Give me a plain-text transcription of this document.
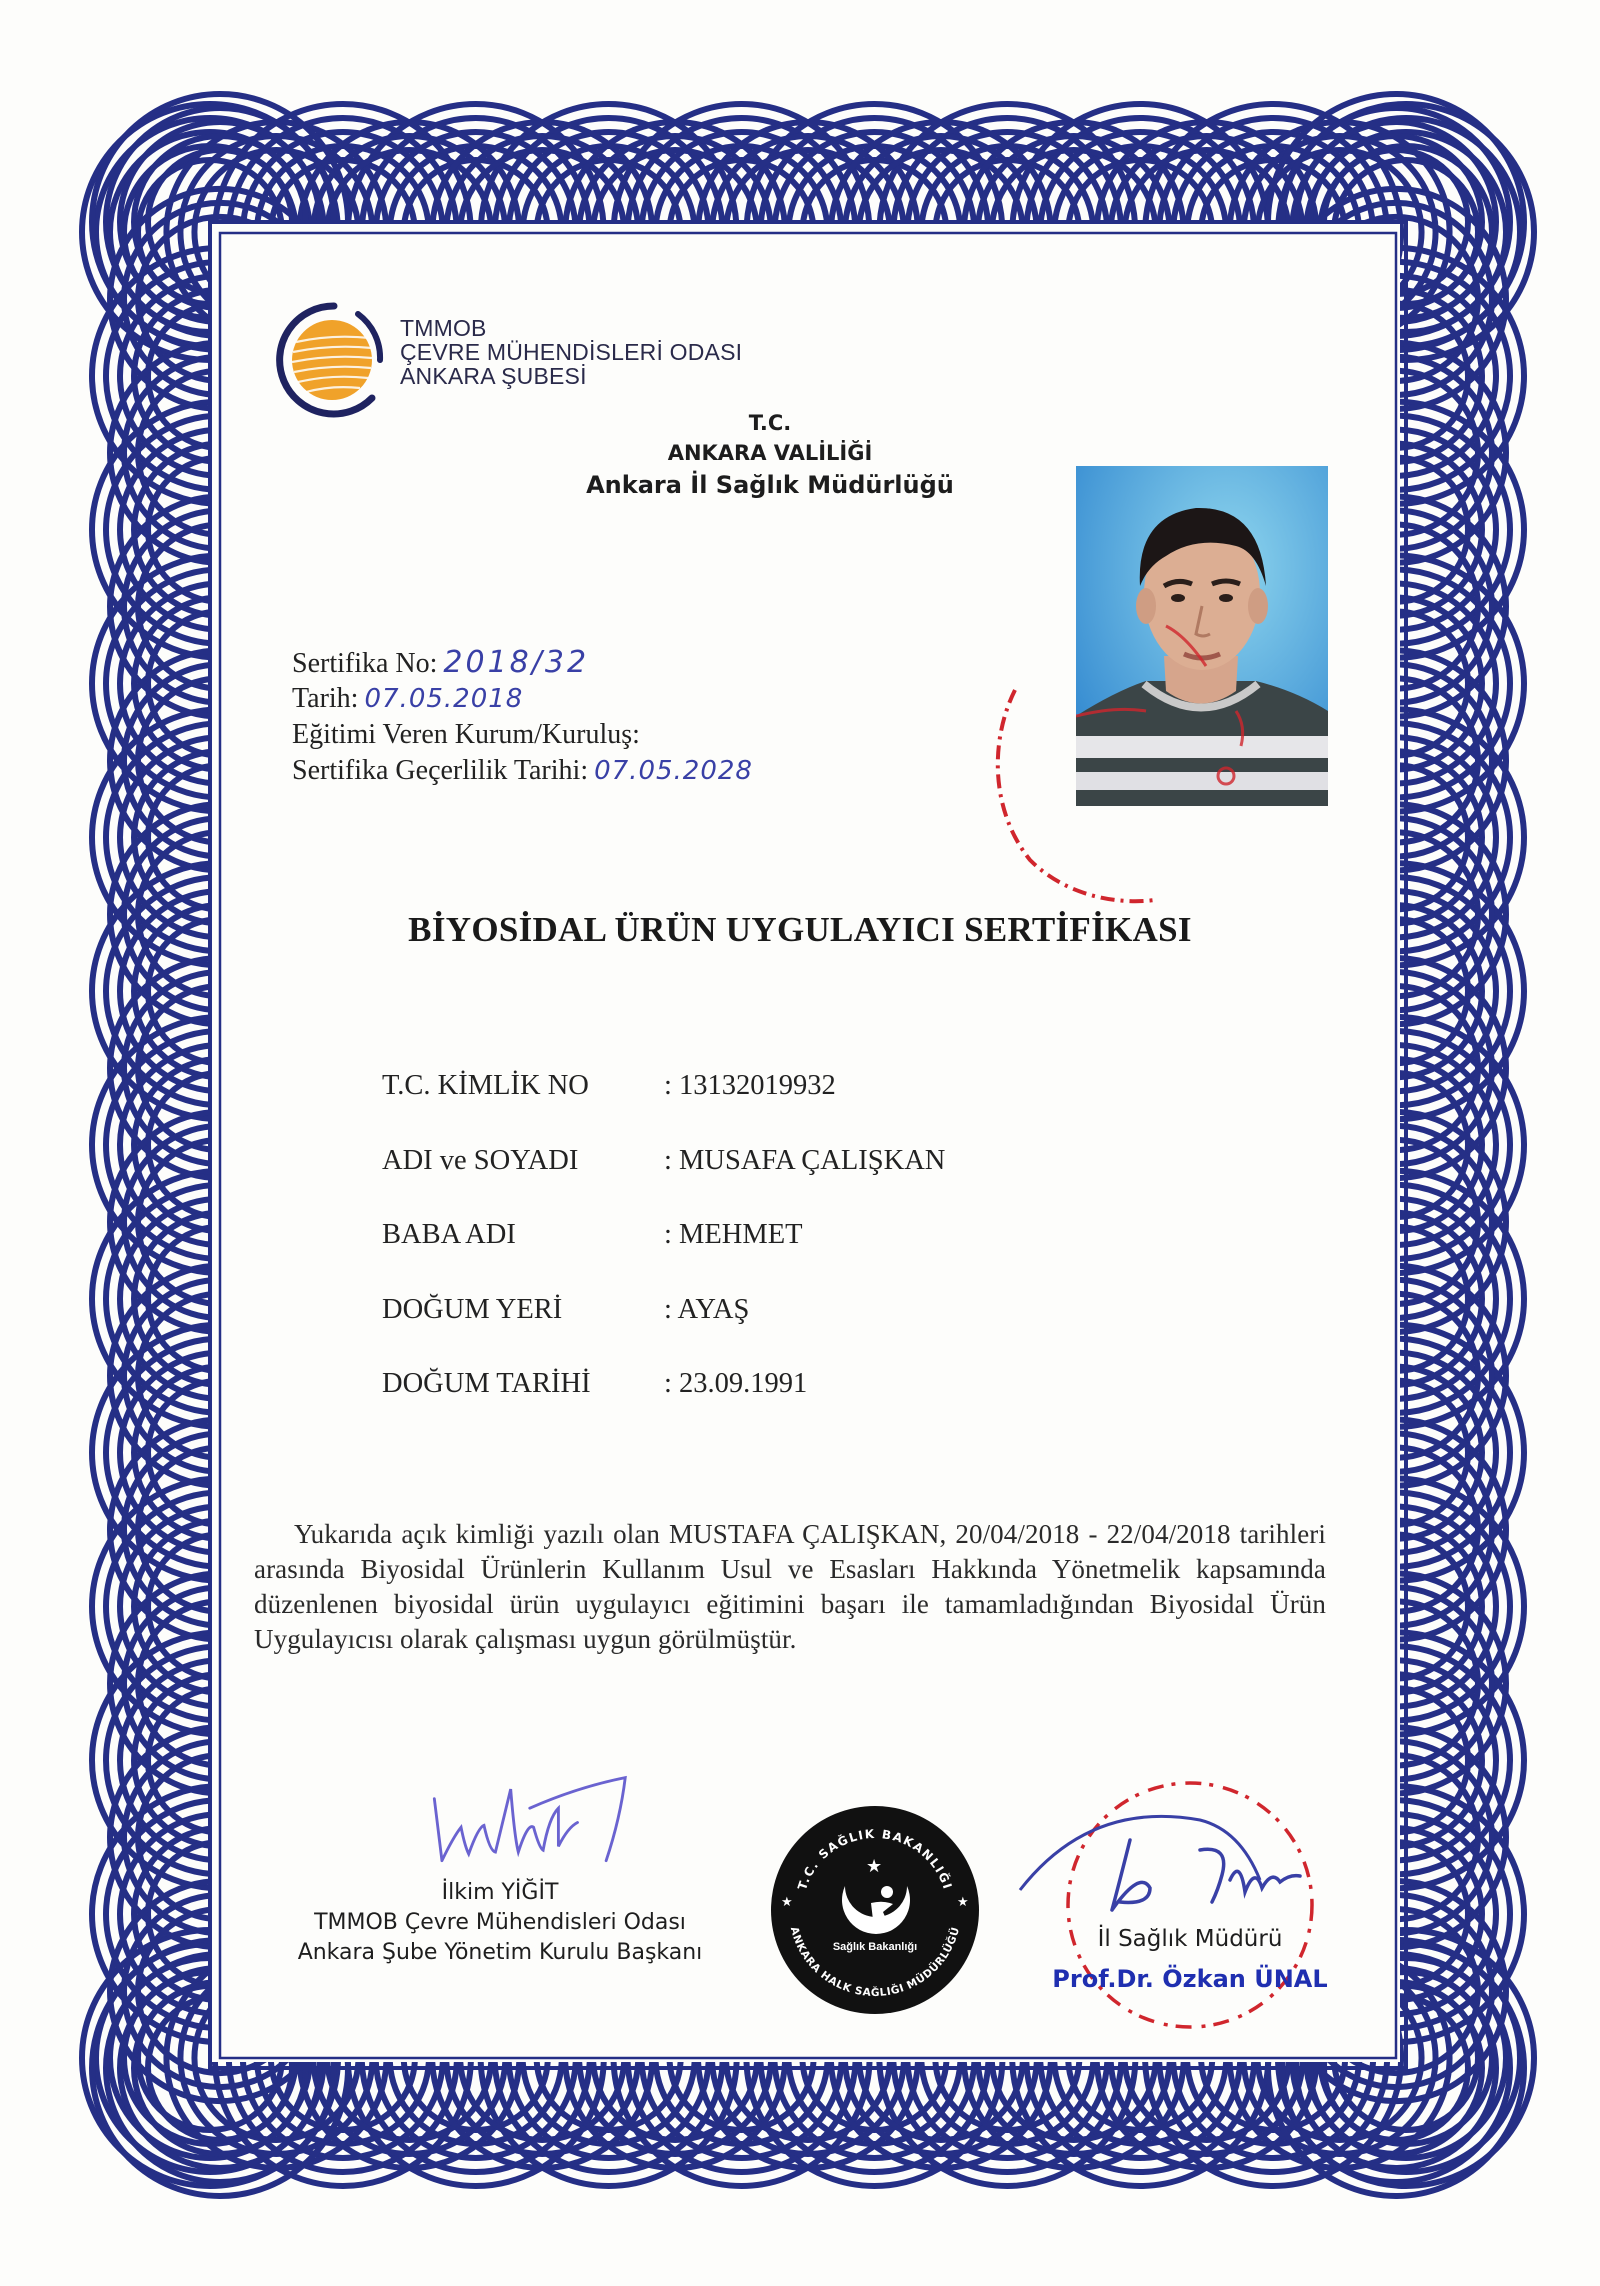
TMMOB
ÇEVRE MÜHENDİSLERİ ODASI
ANKARA ŞUBESİ
T.C.
ANKARA VALİLİĞİ
Ankara İl Sağlık Müdürlüğü
Sertifika No: 2018/32
Tarih: 07.05.2018
Eğitimi Veren Kurum/Kuruluş:
Sertifika Geçerlilik Tarihi: 07.05.2028
BİYOSİDAL ÜRÜN UYGULAYICI SERTİFİKASI
T.C. KİMLİK NO	: 13132019932
ADI ve SOYADI	: MUSAFA ÇALIŞKAN
BABA ADI	: MEHMET
DOĞUM YERİ	: AYAŞ
DOĞUM TARİHİ	: 23.09.1991
Yukarıda açık kimliği yazılı olan MUSTAFA ÇALIŞKAN, 20/04/2018 - 22/04/2018 tarihleri arasında Biyosidal Ürünlerin Kullanım Usul ve Esasları Hakkında Yönetmelik kapsamında düzenlenen biyosidal ürün uygulayıcı eğitimini başarı ile tamamladığından Biyosidal Ürün Uygulayıcısı olarak çalışması uygun görülmüştür.
İlkim YİĞİT
TMMOB Çevre Mühendisleri Odası
Ankara Şube Yönetim Kurulu Başkanı
T.C. SAĞLIK BAKANLIĞI
ANKARA HALK SAĞLIĞI MÜDÜRLÜĞÜ
★	★
★
Sağlık Bakanlığı	İl Sağlık Müdürü
Prof.Dr. Özkan ÜNAL
